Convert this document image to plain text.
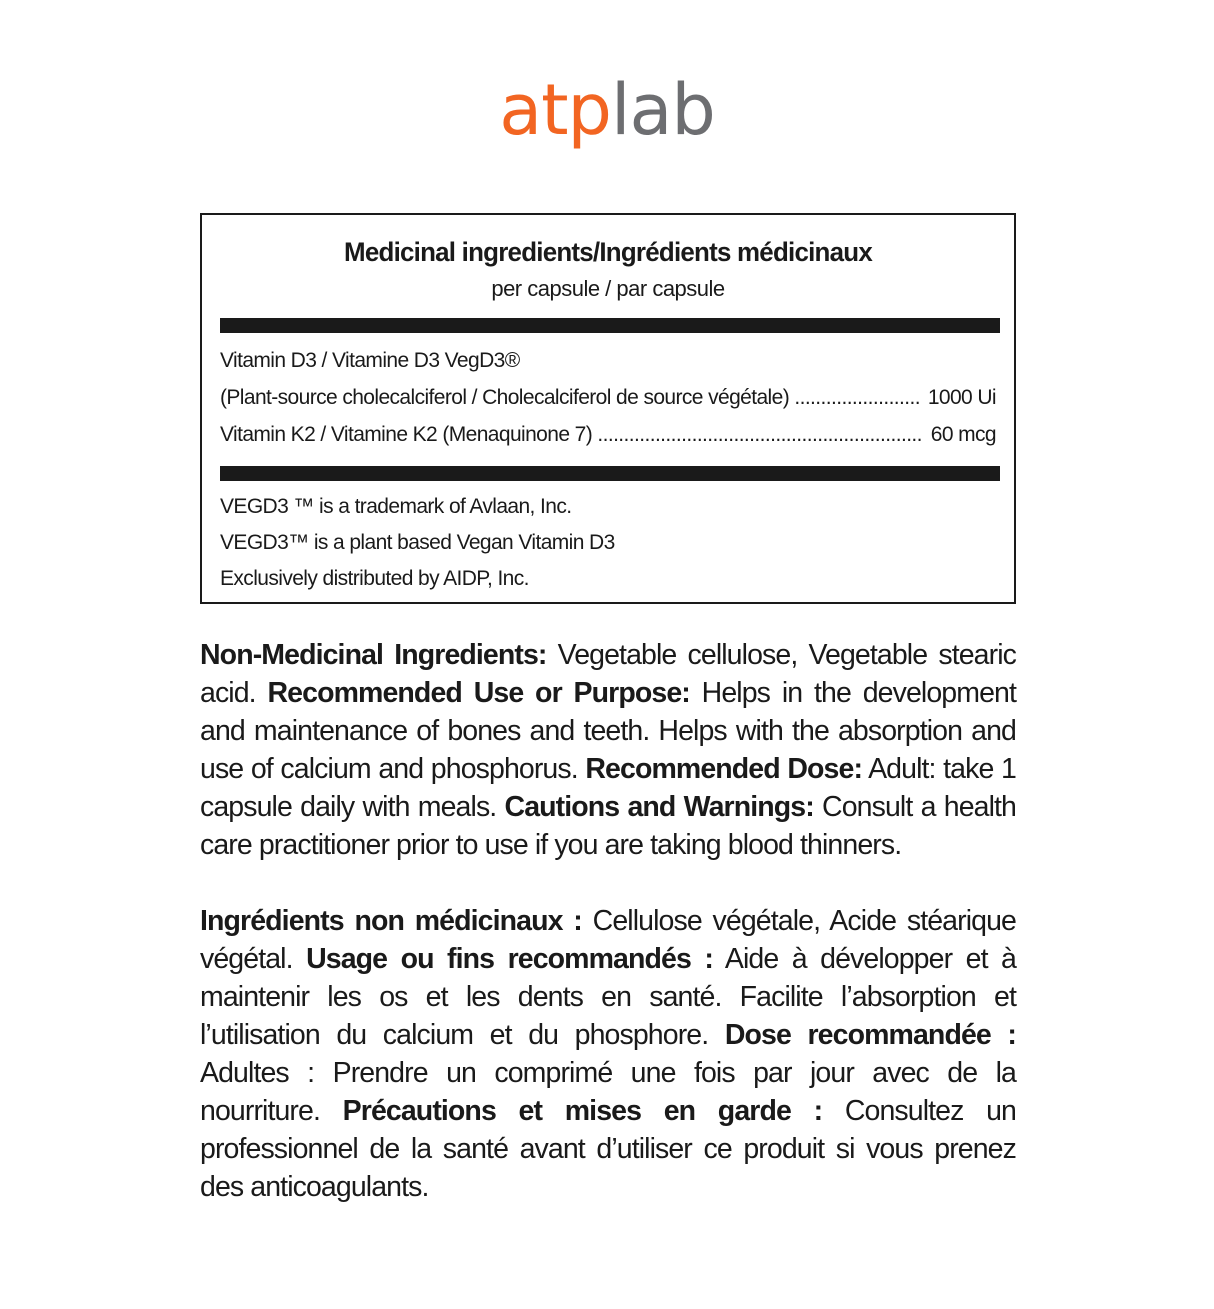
atplab
Medicinal ingredients/Ingrédients médicinaux
per capsule / par capsule
Vitamin D3 / Vitamine D3 VegD3®
(Plant-source cholecalciferol / Cholecalciferol de source végétale) .....	1000 Ui
Vitamin K2 / Vitamine K2 (Menaquinone 7) .....	60 mcg
VEGD3 ™ is a trademark of Avlaan, Inc.
VEGD3™ is a plant based Vegan Vitamin D3
Exclusively distributed by AIDP, Inc.
Non-Medicinal Ingredients: Vegetable cellulose, Vegetable stearic acid. Recommended Use or Purpose: Helps in the development and maintenance of bones and teeth. Helps with the absorption and use of calcium and phosphorus. Recommended Dose: Adult: take 1 capsule daily with meals. Cautions and Warnings: Consult a health care practitioner prior to use if you are taking blood thinners.
Ingrédients non médicinaux : Cellulose végétale, Acide stéarique végétal. Usage ou fins recommandés : Aide à développer et à maintenir les os et les dents en santé. Facilite l’absorption et l’utilisation du calcium et du phosphore. Dose recommandée : Adultes : Prendre un comprimé une fois par jour avec de la nourriture. Précautions et mises en garde : Consultez un professionnel de la santé avant d’utiliser ce produit si vous prenez des anticoagulants.
